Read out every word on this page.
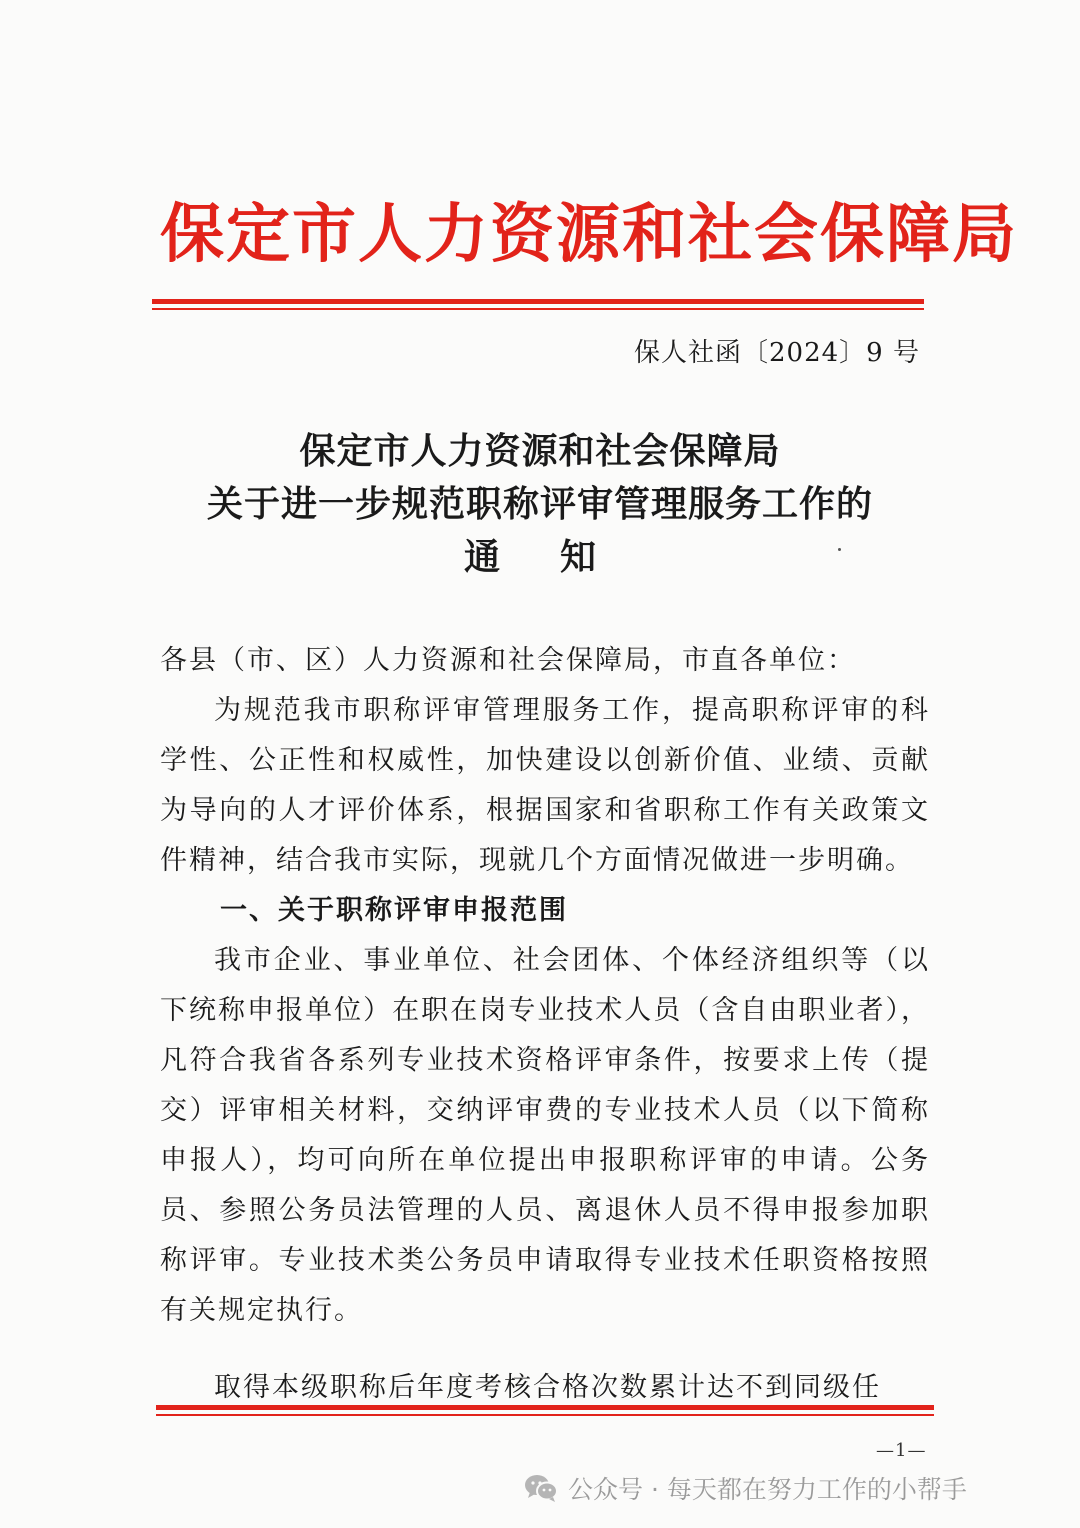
保定市人力资源和社会保障局
保人社函〔2024〕9 号
保定市人力资源和社会保障局
关于进一步规范职称评审管理服务工作的
通知
各县（市、区）人力资源和社会保障局，市直各单位：

为规范我市职称评审管理服务工作，提高职称评审的科学性、公正性和权威性，加快建设以创新价值、业绩、贡献为导向的人才评价体系，根据国家和省职称工作有关政策文件精神，结合我市实际，现就几个方面情况做进一步明确。

一、关于职称评审申报范围

我市企业、事业单位、社会团体、个体经济组织等（以下统称申报单位）在职在岗专业技术人员（含自由职业者），凡符合我省各系列专业技术资格评审条件，按要求上传（提交）评审相关材料，交纳评审费的专业技术人员（以下简称申报人），均可向所在单位提出申报职称评审的申请。公务员、参照公务员法管理的人员、离退休人员不得申报参加职称评审。专业技术类公务员申请取得专业技术任职资格按照有关规定执行。

取得本级职称后年度考核合格次数累计达不到同级任

—1—
公众号 · 每天都在努力工作的小帮手
